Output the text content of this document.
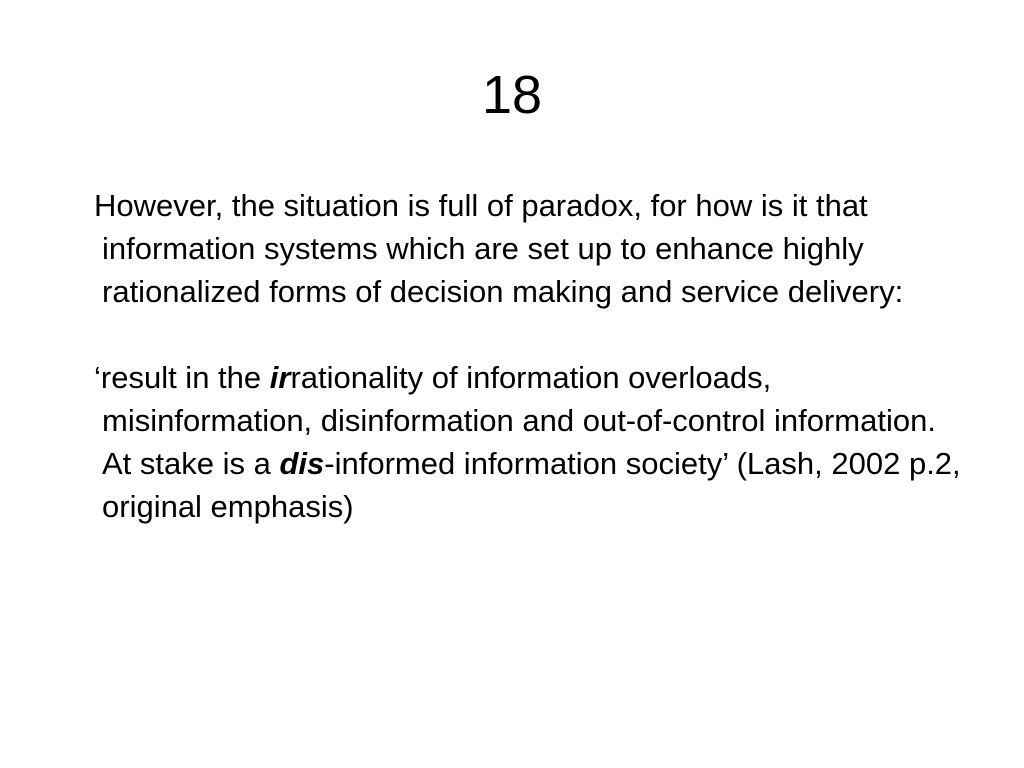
18

However, the situation is full of paradox, for how is it that information systems which are set up to enhance highly rationalized forms of decision making and service delivery:

‘result in the irrationality of information overloads, misinformation, disinformation and out-of-control information. At stake is a dis-informed information society’ (Lash, 2002 p.2, original emphasis)
